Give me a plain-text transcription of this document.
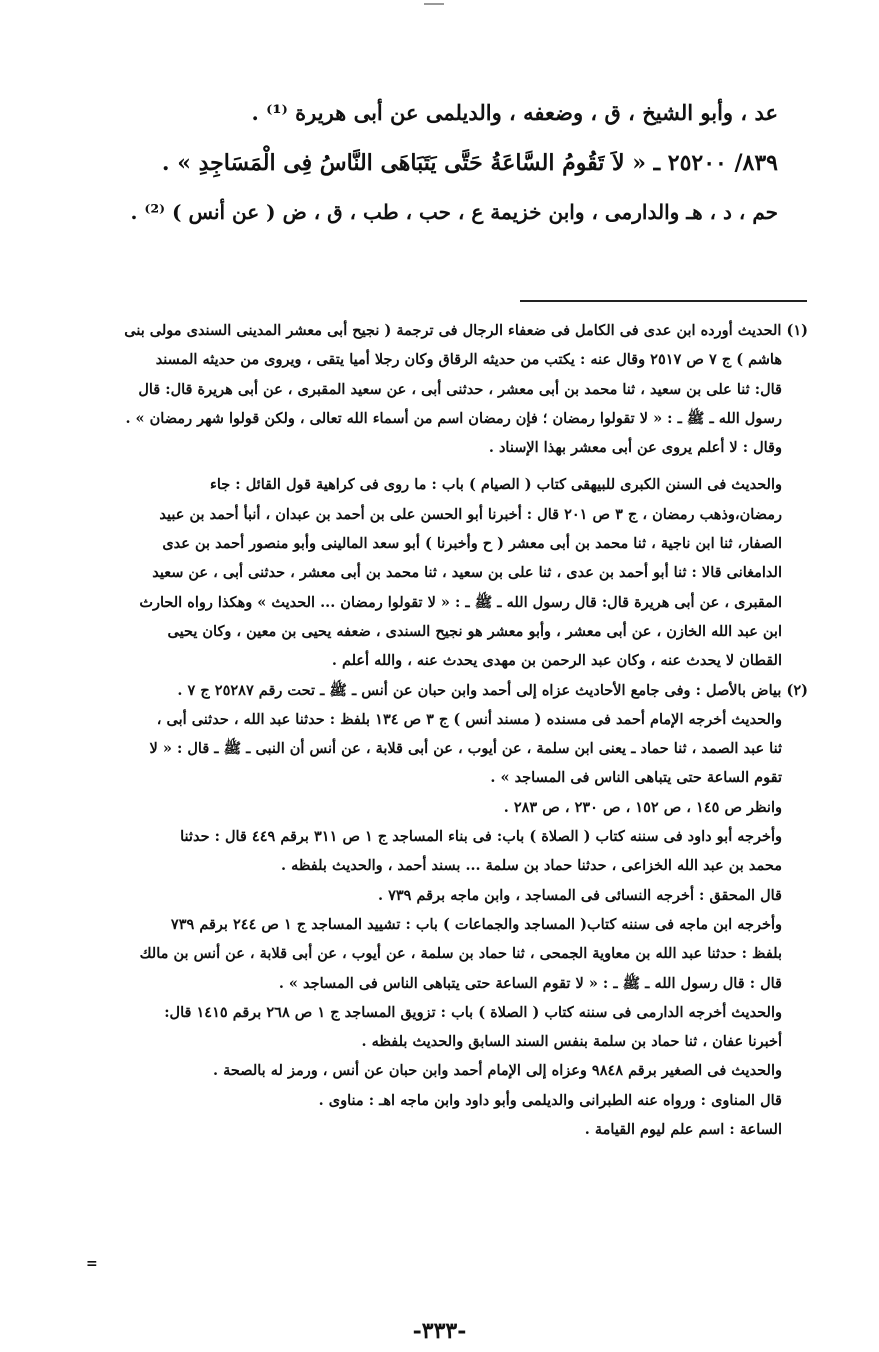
عد ، وأبو الشيخ ، ق ، وضعفه ، والديلمى عن أبى هريرة ⁽¹⁾ .
٨٣٩/ ٢٥٢٠٠ ـ « لاَ تَقُومُ السَّاعَةُ حَتَّى يَتَبَاهَى النَّاسُ فِى الْمَسَاجِدِ » .
حم ، د ، هـ والدارمى ، وابن خزيمة ع ، حب ، طب ، ق ، ض ( عن أنس ) ⁽²⁾ .
(١) الحديث أورده ابن عدى فى الكامل فى ضعفاء الرجال فى ترجمة ( نجيح أبى معشر المدينى السندى مولى بنى
هاشم ) ج ٧ ص ٢٥١٧ وقال عنه : يكتب من حديثه الرقاق وكان رجلا أميا يتقى ، ويروى من حديثه المسند
قال: ثنا على بن سعيد ، ثنا محمد بن أبى معشر ، حدثنى أبى ، عن سعيد المقبرى ، عن أبى هريرة قال: قال
رسول الله ـ ﷺ ـ : « لا تقولوا رمضان ؛ فإن رمضان اسم من أسماء الله تعالى ، ولكن قولوا شهر رمضان » .
وقال : لا أعلم يروى عن أبى معشر بهذا الإسناد .
والحديث فى السنن الكبرى للبيهقى كتاب ( الصيام ) باب : ما روى فى كراهية قول القائل : جاء
رمضان،وذهب رمضان ، ج ٣ ص ٢٠١ قال : أخبرنا أبو الحسن على بن أحمد بن عبدان ، أنبأ أحمد بن عبيد
الصفار، ثنا ابن ناجية ، ثنا محمد بن أبى معشر ( ح وأخبرنا ) أبو سعد المالينى وأبو منصور أحمد بن عدى
الدامغانى قالا : ثنا أبو أحمد بن عدى ، ثنا على بن سعيد ، ثنا محمد بن أبى معشر ، حدثنى أبى ، عن سعيد
المقبرى ، عن أبى هريرة قال: قال رسول الله ـ ﷺ ـ : « لا تقولوا رمضان ... الحديث » وهكذا رواه الحارث
ابن عبد الله الخازن ، عن أبى معشر ، وأبو معشر هو نجيح السندى ، ضعفه يحيى بن معين ، وكان يحيى
القطان لا يحدث عنه ، وكان عبد الرحمن بن مهدى يحدث عنه ، والله أعلم .
(٢) بياض بالأصل : وفى جامع الأحاديث عزاه إلى أحمد وابن حبان عن أنس ـ ﷺ ـ تحت رقم ٢٥٢٨٧ ج ٧ .
والحديث أخرجه الإمام أحمد فى مسنده ( مسند أنس ) ج ٣ ص ١٣٤ بلفظ : حدثنا عبد الله ، حدثنى أبى ،
ثنا عبد الصمد ، ثنا حماد ـ يعنى ابن سلمة ، عن أيوب ، عن أبى قلابة ، عن أنس أن النبى ـ ﷺ ـ قال : « لا
تقوم الساعة حتى يتباهى الناس فى المساجد » .
وانظر ص ١٤٥ ، ص ١٥٢ ، ص ٢٣٠ ، ص ٢٨٣ .
وأخرجه أبو داود فى سننه كتاب ( الصلاة ) باب: فى بناء المساجد ج ١ ص ٣١١ برقم ٤٤٩ قال : حدثنا
محمد بن عبد الله الخزاعى ، حدثنا حماد بن سلمة ... بسند أحمد ، والحديث بلفظه .
قال المحقق : أخرجه النسائى فى المساجد ، وابن ماجه برقم ٧٣٩ .
وأخرجه ابن ماجه فى سننه كتاب( المساجد والجماعات ) باب : تشييد المساجد ج ١ ص ٢٤٤ برقم ٧٣٩
بلفظ : حدثنا عبد الله بن معاوية الجمحى ، ثنا حماد بن سلمة ، عن أيوب ، عن أبى قلابة ، عن أنس بن مالك
قال : قال رسول الله ـ ﷺ ـ : « لا تقوم الساعة حتى يتباهى الناس فى المساجد » .
والحديث أخرجه الدارمى فى سننه كتاب ( الصلاة ) باب : تزويق المساجد ج ١ ص ٢٦٨ برقم ١٤١٥ قال:
أخبرنا عفان ، ثنا حماد بن سلمة بنفس السند السابق والحديث بلفظه .
والحديث فى الصغير برقم ٩٨٤٨ وعزاه إلى الإمام أحمد وابن حبان عن أنس ، ورمز له بالصحة .
قال المناوى : ورواه عنه الطبرانى والديلمى وأبو داود وابن ماجه اهـ : مناوى .
الساعة : اسم علم ليوم القيامة .
=
-٣٣٣-
